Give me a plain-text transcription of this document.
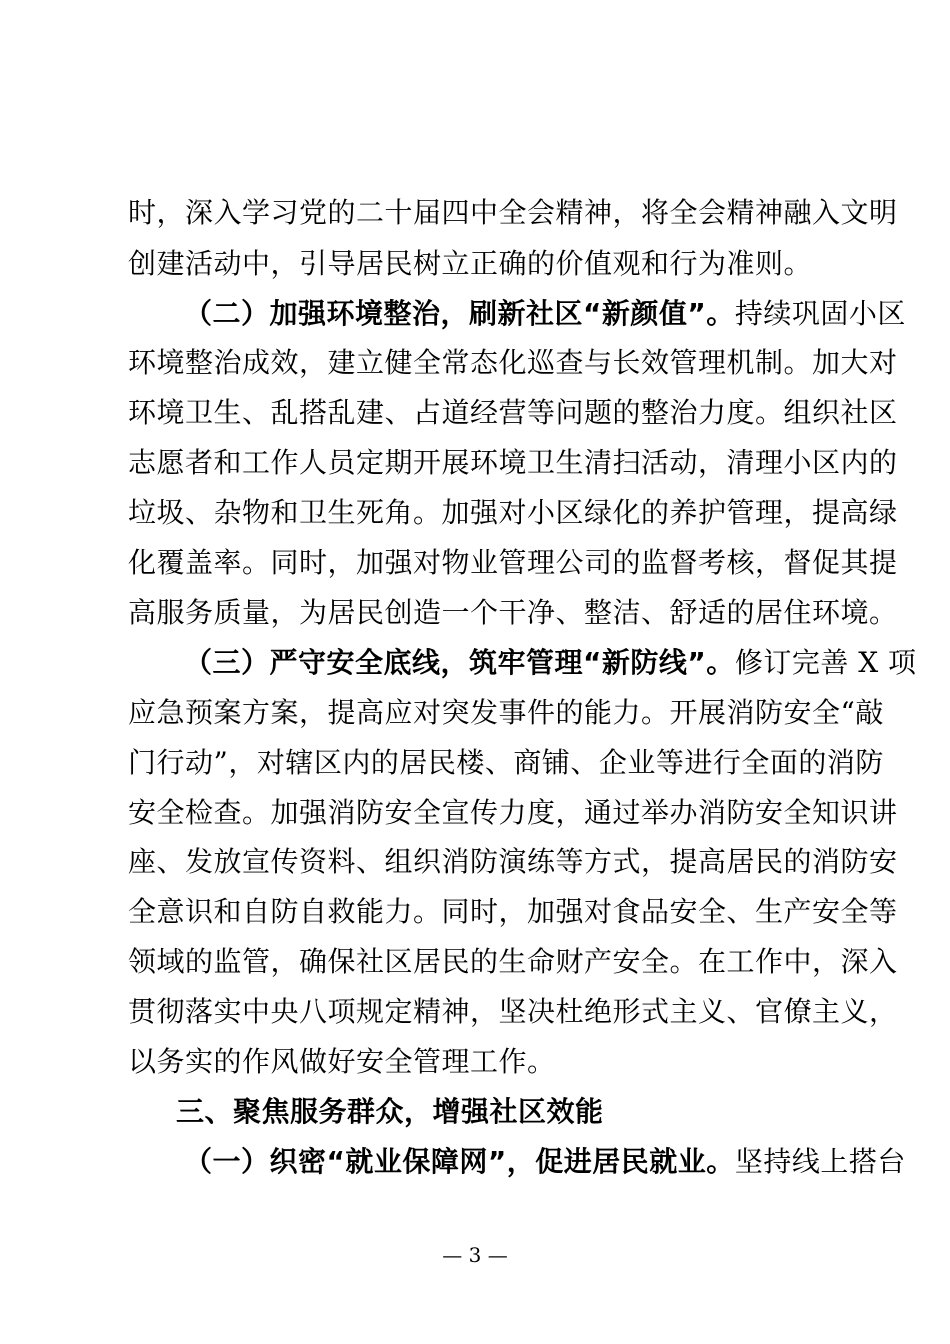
时，深入学习党的二十届四中全会精神，将全会精神融入文明
创建活动中，引导居民树立正确的价值观和行为准则。
（二）加强环境整治，刷新社区“新颜值”。持续巩固小区
环境整治成效，建立健全常态化巡查与长效管理机制。加大对
环境卫生、乱搭乱建、占道经营等问题的整治力度。组织社区
志愿者和工作人员定期开展环境卫生清扫活动，清理小区内的
垃圾、杂物和卫生死角。加强对小区绿化的养护管理，提高绿
化覆盖率。同时，加强对物业管理公司的监督考核，督促其提
高服务质量，为居民创造一个干净、整洁、舒适的居住环境。
（三）严守安全底线，筑牢管理“新防线”。修订完善 X 项
应急预案方案，提高应对突发事件的能力。开展消防安全“敲
门行动”，对辖区内的居民楼、商铺、企业等进行全面的消防
安全检查。加强消防安全宣传力度，通过举办消防安全知识讲
座、发放宣传资料、组织消防演练等方式，提高居民的消防安
全意识和自防自救能力。同时，加强对食品安全、生产安全等
领域的监管，确保社区居民的生命财产安全。在工作中，深入
贯彻落实中央八项规定精神，坚决杜绝形式主义、官僚主义，
以务实的作风做好安全管理工作。
三、聚焦服务群众，增强社区效能
（一）织密“就业保障网”，促进居民就业。坚持线上搭台
— 3 —
